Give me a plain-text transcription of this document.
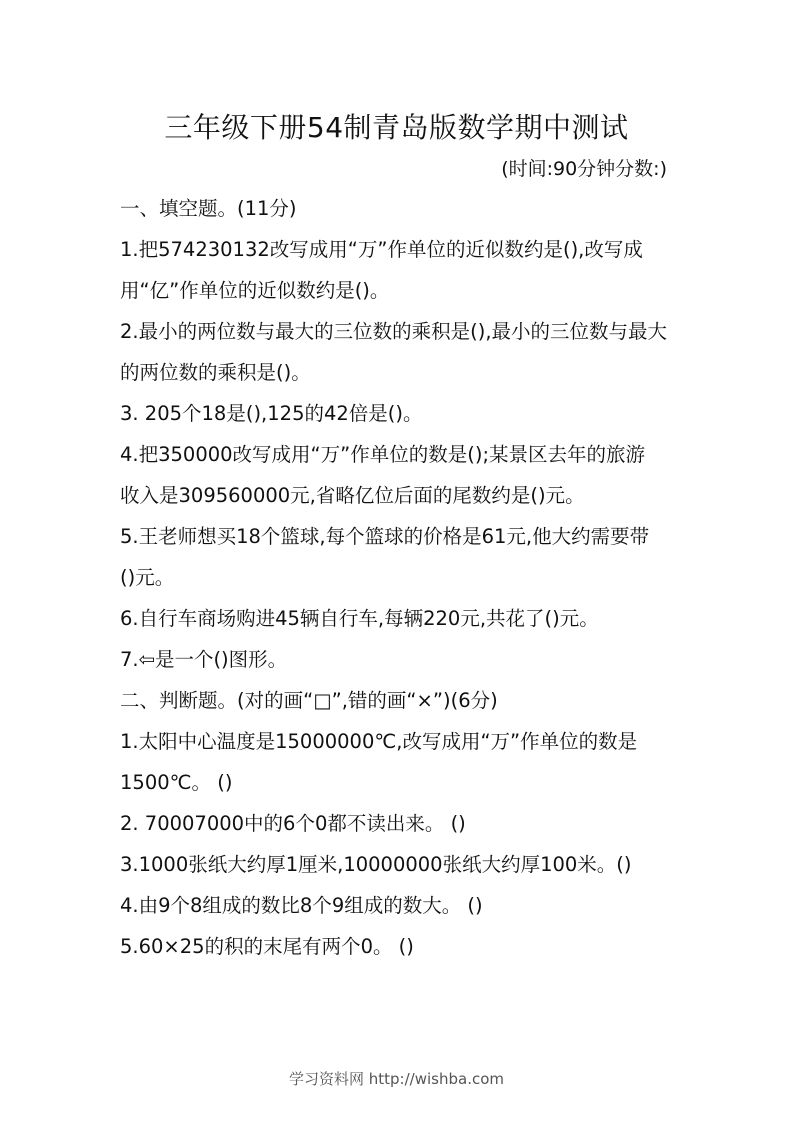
三年级下册54制青岛版数学期中测试
(时间:90分钟分数:)
一、填空题。(11分)
1.把574230132改写成用“万”作单位的近似数约是(),改写成
用“亿”作单位的近似数约是()。
2.最小的两位数与最大的三位数的乘积是(),最小的三位数与最大
的两位数的乘积是()。
3. 205个18是(),125的42倍是()。
4.把350000改写成用“万”作单位的数是();某景区去年的旅游
收入是309560000元,省略亿位后面的尾数约是()元。
5.王老师想买18个篮球,每个篮球的价格是61元,他大约需要带
()元。
6.自行车商场购进45辆自行车,每辆220元,共花了()元。
7.⇦是一个()图形。
二、判断题。(对的画“□”,错的画“×”)(6分)
1.太阳中心温度是15000000℃,改写成用“万”作单位的数是
1500℃。 ()
2. 70007000中的6个0都不读出来。 ()
3.1000张纸大约厚1厘米,10000000张纸大约厚100米。()
4.由9个8组成的数比8个9组成的数大。 ()
5.60×25的积的末尾有两个0。 ()
学习资料网 http://wishba.com
